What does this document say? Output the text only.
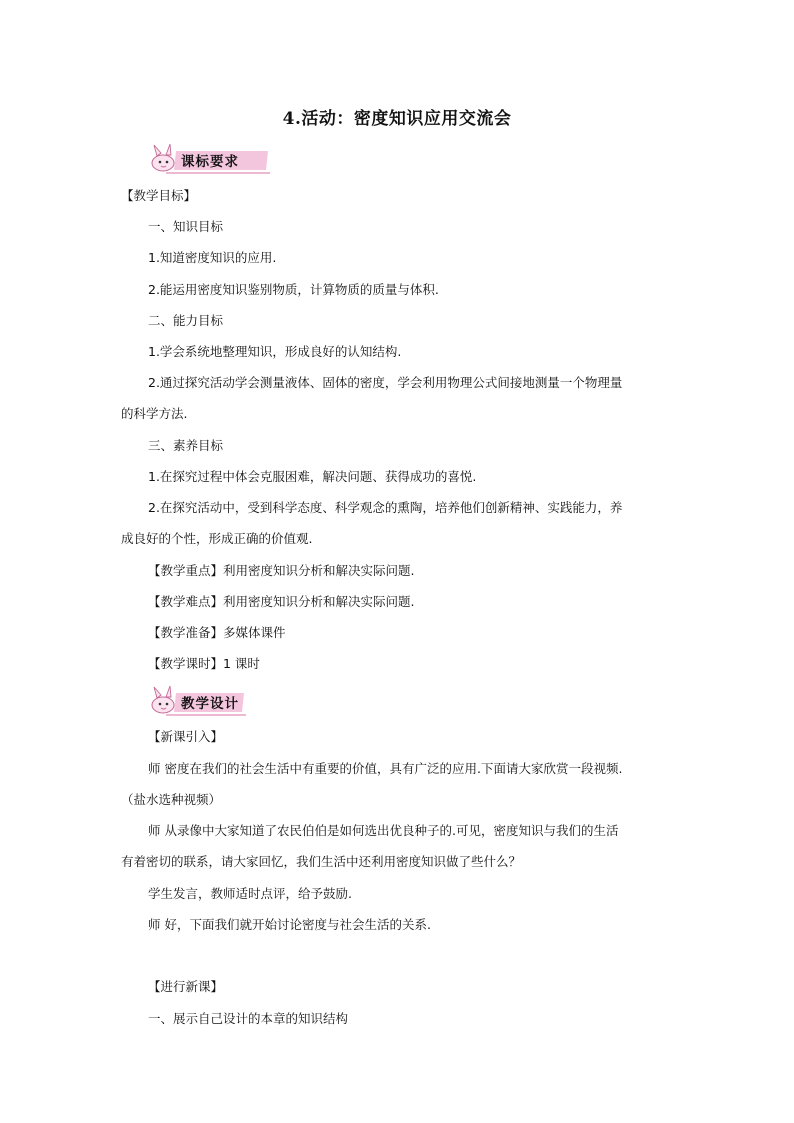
4.活动：密度知识应用交流会
课标要求
【教学目标】
一、知识目标
1.知道密度知识的应用.
2.能运用密度知识鉴别物质，计算物质的质量与体积.
二、能力目标
1.学会系统地整理知识，形成良好的认知结构.
2.通过探究活动学会测量液体、固体的密度，学会利用物理公式间接地测量一个物理量
的科学方法.
三、素养目标
1.在探究过程中体会克服困难，解决问题、获得成功的喜悦.
2.在探究活动中，受到科学态度、科学观念的熏陶，培养他们创新精神、实践能力，养
成良好的个性，形成正确的价值观.
【教学重点】利用密度知识分析和解决实际问题.
【教学难点】利用密度知识分析和解决实际问题.
【教学准备】多媒体课件
【教学课时】1 课时
教学设计
【新课引入】
师 密度在我们的社会生活中有重要的价值，具有广泛的应用.下面请大家欣赏一段视频.
（盐水选种视频）
师 从录像中大家知道了农民伯伯是如何选出优良种子的.可见，密度知识与我们的生活
有着密切的联系，请大家回忆，我们生活中还利用密度知识做了些什么？
学生发言，教师适时点评，给予鼓励.
师 好，下面我们就开始讨论密度与社会生活的关系.
【进行新课】
一、展示自己设计的本章的知识结构
